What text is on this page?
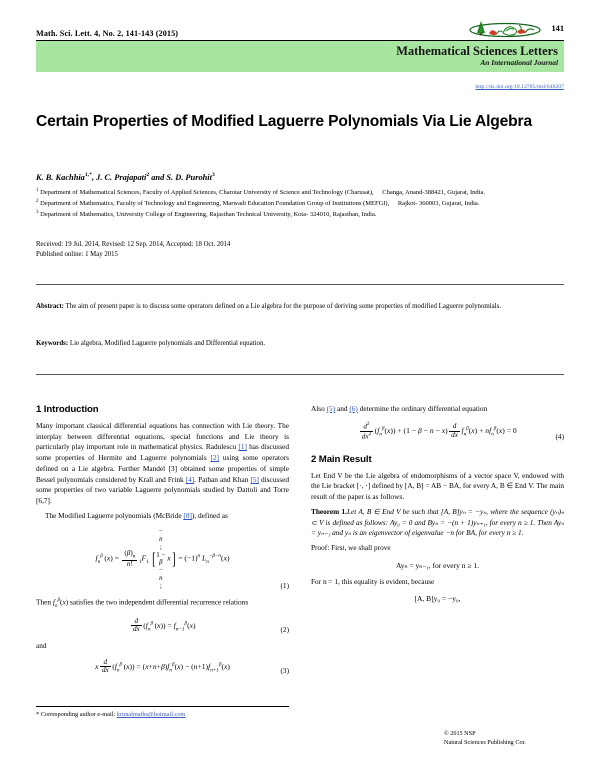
Math. Sci. Lett. 4, No. 2, 141-143 (2015)
141
Mathematical Sciences Letters
An International Journal
http://dx.doi.org/10.12785/msl/040207
Certain Properties of Modified Laguerre Polynomials Via Lie Algebra
K. B. Kachhia$^{1,*}$, J. C. Prajapati$^2$ and S. D. Purohit$^3$
$^1$ Department of Mathematical Sciences, Faculty of Applied Sciences, Charotar University of Science and Technology (Charusat), Changa, Anand-388421, Gujarat, India.
$^2$ Department of Mathematics, Faculty of Technology and Engineering, Marwadi Education Foundation Group of Institutions (MEFGI), Rajkot- 360003, Gujarat, India.
$^3$ Department of Mathematics, University College of Engineering, Rajasthan Technical University, Kota- 324010, Rajasthan, India.
Received: 19 Jul. 2014, Revised: 12 Sep. 2014, Accepted: 18 Oct. 2014
Published online: 1 May 2015
Abstract: The aim of present paper is to discuss some operators defined on a Lie algebra for the purpose of deriving some properties of modified Laguerre polynomials.
Keywords: Lie algebra, Modified Laguerre polynomials and Differential equation.
1 Introduction

Many important classical differential equations has connection with Lie theory. The interplay between differential equations, special functions and Lie theory is particularly play important role in mathematical physics. Radulescu [1] has discussed some properties of Hermite and Laguerre polynomials [2] using some operators defined on a Lie algebra. Further Mandel [3] obtained some properties of simple Bessel polynomials considered by Krall and Frink [4]. Pathan and Khan [5] discussed some properties of two variable Laguerre polynomials studied by Dattoli and Torre [6,7].

The Modified Laguerre polynomials (McBride [8]), defined as

$f_n^\beta$ $(x) = \frac{(\beta)_n}{n!} _1F_1$ [
−
n
;
1 −
β
−
n
;
$x] = (-1)^n$ $L_n^{-\beta-n}(x)$
(1)

Then $f_n^\beta(x)$ satisfies the two independent differential recurrence relations

$\frac{d}{dx} (f_n^\beta$ $(x)) = f_{n-1}^\beta(x)$	(2)

and

x $\frac{d}{dx} (f_n^\beta$ $(x)) = (x+n+\beta)f_n^\beta(x) - (n+1)f_{n+1}^\beta(x)$	(3)

Also (5) and (6) determine the ordinary differential equation

$\frac{d^2}{dx^2} (f_n^\beta(x)) + (1 - \beta - n - x) \frac{d}{dx} f_n^\beta(x) + nf_n^\beta(x) = 0$
(4)
2 Main Result

Let End V be the Lie algebra of endomorphisms of a vector space V, endowed with the Lie bracket [·, ·] defined by [A, B] = AB − BA, for every A, B ∈ End V. The main result of the paper is as follows.

Theorem 1.Let A, B ∈ End V be such that [A, B]yₙ = −yₙ, where the sequence (yₙ)ₙ ⊂ V is defined as follows: Ay₀ = 0 and Byₙ = −(n + 1)yₙ₊₁, for every n ≥ 1. Then Ayₙ = yₙ₋₁ and yₙ is an eigenvector of eigenvalue −n for BA, for every n ≥ 1.

Proof: First, we shall prove

Ayₙ = yₙ₋₁, for every n ≥ 1.

For n = 1, this equality is evident, because

[A, B]y₀ = −y₀,
* Corresponding author e-mail: krunalmaths@hotmail.com
© 2015 NSP
Natural Sciences Publishing Cor.
